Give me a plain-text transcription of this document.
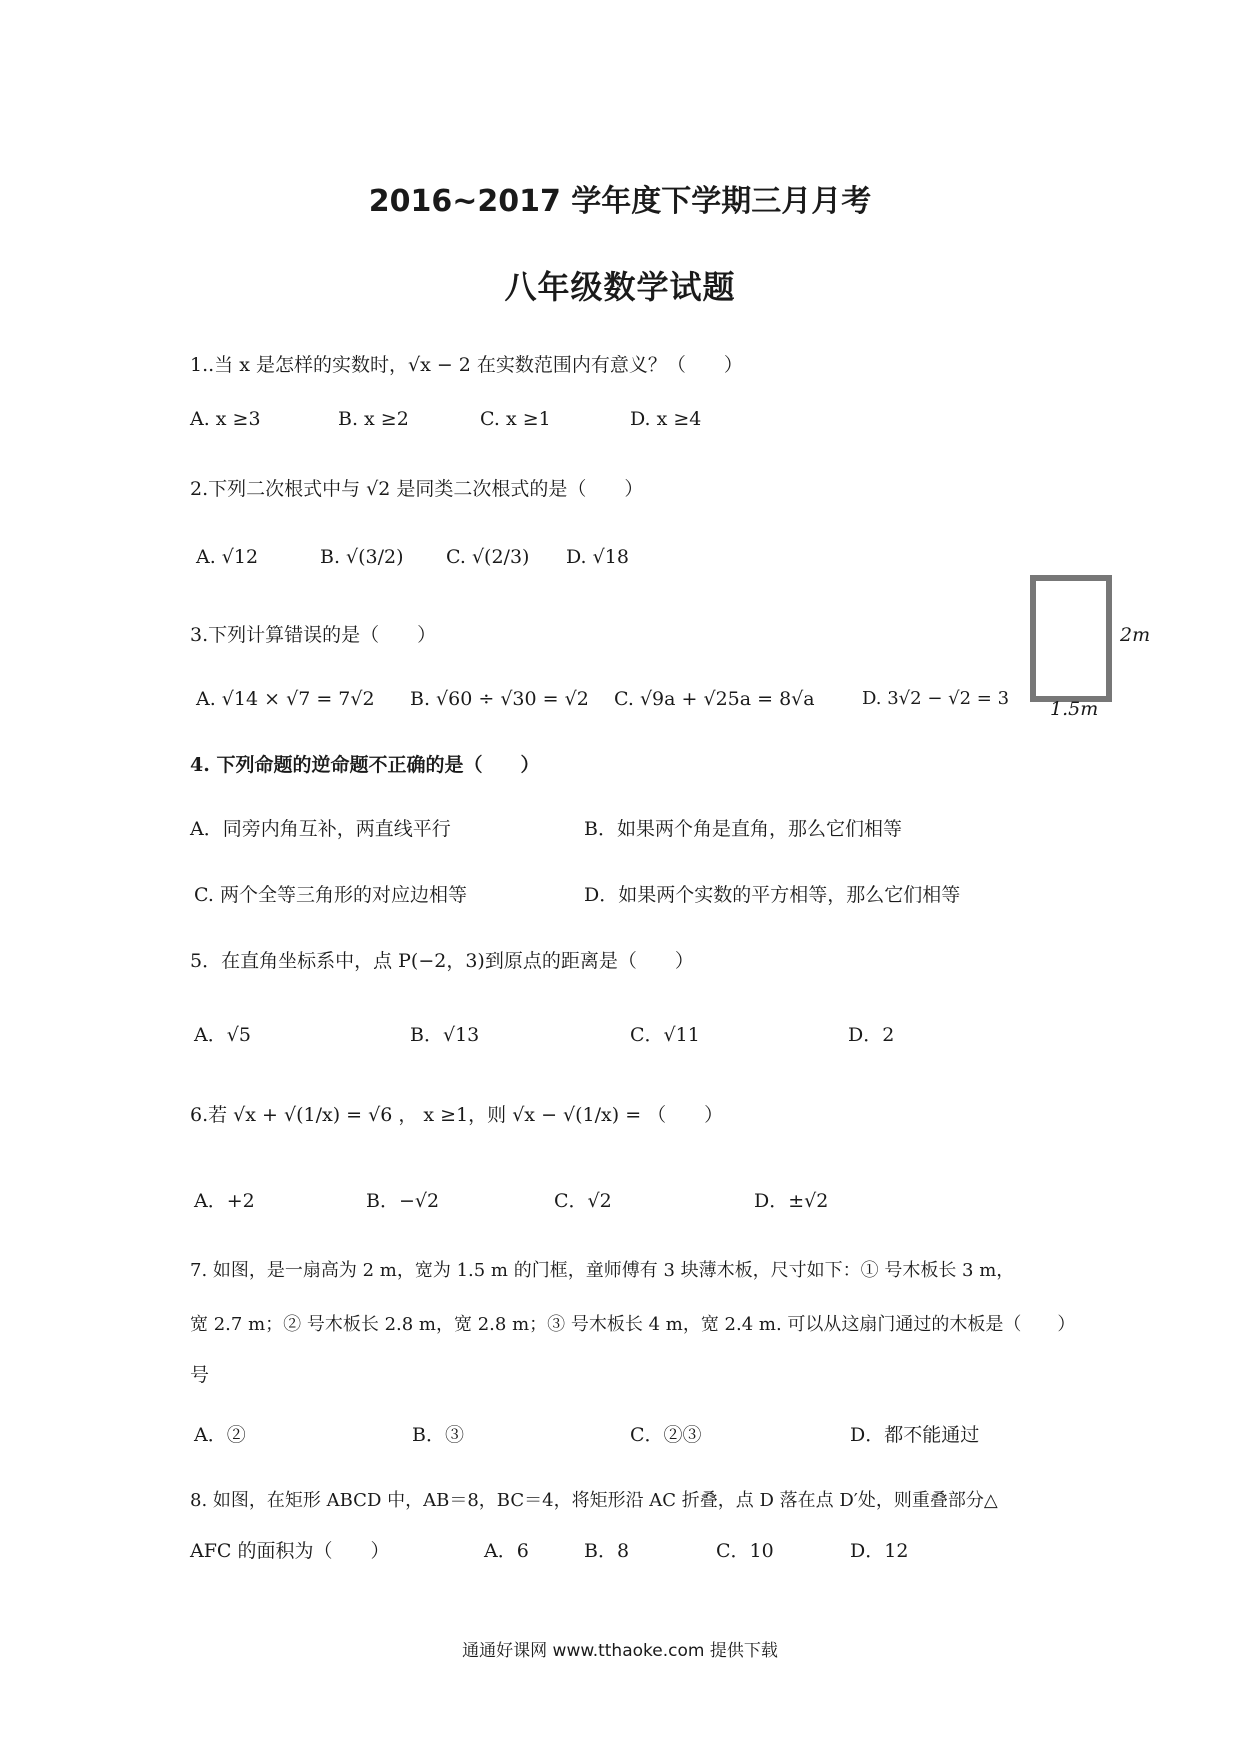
2016~2017 学年度下学期三月月考
八年级数学试题
1..当 x 是怎样的实数时，√x − 2 在实数范围内有意义？（　　）
A. x ≥3	B. x ≥2	C. x ≥1	D. x ≥4
2.下列二次根式中与 √2 是同类二次根式的是（　　）
A. √12	B. √(3/2) C. √(2/3) D. √18
3.下列计算错误的是（　　）
A. √14 × √7 = 7√2 B. √60 ÷ √30 = √2 C. √9a + √25a = 8√a	D. 3√2 − √2 = 3
2m
1.5m
4. 下列命题的逆命题不正确的是（　　）
A．同旁内角互补，两直线平行	B．如果两个角是直角，那么它们相等
C. 两个全等三角形的对应边相等	D．如果两个实数的平方相等，那么它们相等
5．在直角坐标系中，点 P(−2，3)到原点的距离是（　　）
A．√5	B．√13	C．√11	D．2
6.若 √x + √(1/x) = √6 ， x ≥1，则 √x − √(1/x) = （　　）
A．+2	B．−√2	C．√2	D．±√2
7. 如图，是一扇高为 2 m，宽为 1.5 m 的门框，童师傅有 3 块薄木板，尺寸如下：① 号木板长 3 m，
宽 2.7 m；② 号木板长 2.8 m，宽 2.8 m；③ 号木板长 4 m，宽 2.4 m. 可以从这扇门通过的木板是（　　）
号
A．②	B．③	C．②③	D．都不能通过
8. 如图，在矩形 ABCD 中，AB＝8，BC＝4，将矩形沿 AC 折叠，点 D 落在点 D′处，则重叠部分△
AFC 的面积为（　　）	A．6	B．8	C．10	D．12
通通好课网 www.tthaoke.com 提供下载
